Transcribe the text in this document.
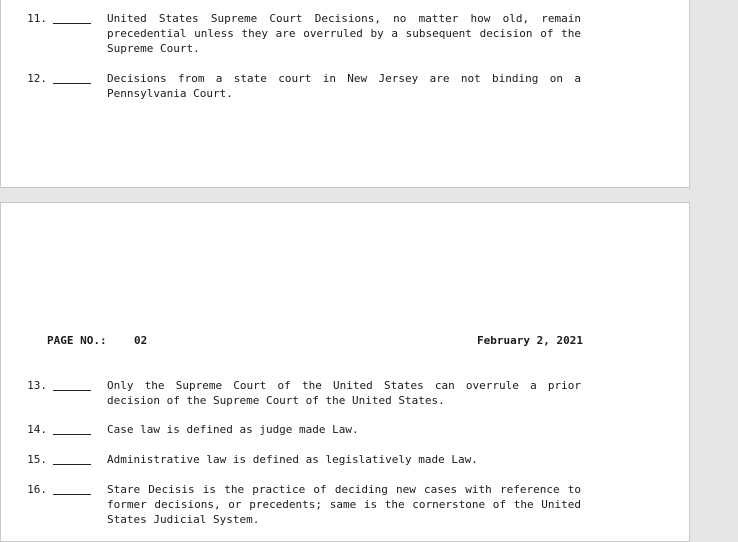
11.	United States Supreme Court Decisions, no matter how old, remain precedential unless they are overruled by a subsequent decision of the Supreme Court.
12.	Decisions from a state court in New Jersey are not binding on a Pennsylvania Court.
PAGE NO.: 02	February 2, 2021
13.	Only the Supreme Court of the United States can overrule a prior decision of the Supreme Court of the United States.
14.	Case law is defined as judge made Law.
15.	Administrative law is defined as legislatively made Law.
16.	Stare Decisis is the practice of deciding new cases with reference to former decisions, or precedents; same is the cornerstone of the United States Judicial System.
